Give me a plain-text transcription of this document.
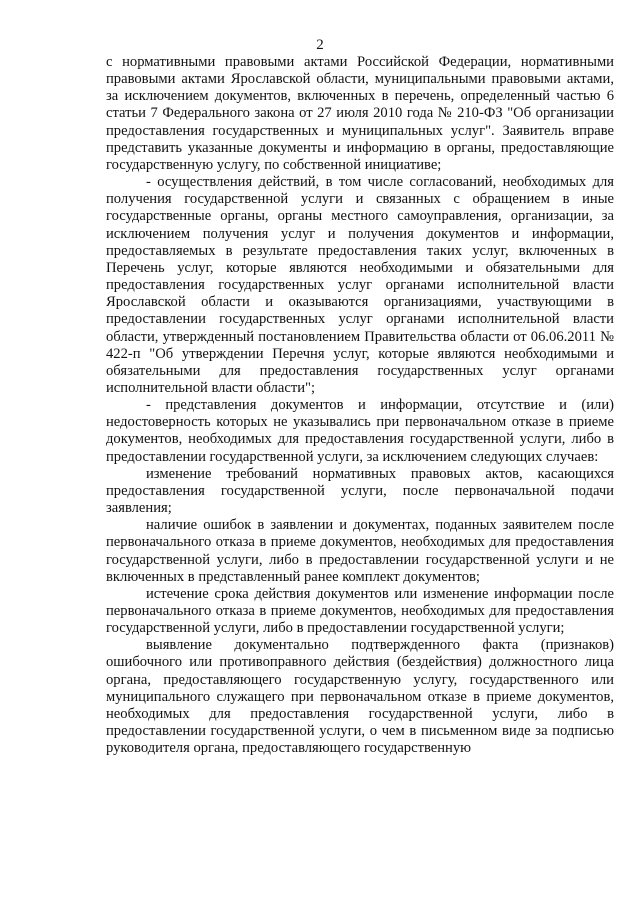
2

с нормативными правовыми актами Российской Федерации, нормативными правовыми актами Ярославской области, муниципальными правовыми актами, за исключением документов, включенных в перечень, определенный частью 6 статьи 7 Федерального закона от 27 июля 2010 года № 210-ФЗ "Об организации предоставления государственных и муниципальных услуг". Заявитель вправе представить указанные документы и информацию в органы, предоставляющие государственную услугу, по собственной инициативе;

- осуществления действий, в том числе согласований, необходимых для получения государственной услуги и связанных с обращением в иные государственные органы, органы местного самоуправления, организации, за исключением получения услуг и получения документов и информации, предоставляемых в результате предоставления таких услуг, включенных в Перечень услуг, которые являются необходимыми и обязательными для предоставления государственных услуг органами исполнительной власти Ярославской области и оказываются организациями, участвующими в предоставлении государственных услуг органами исполнительной власти области, утвержденный постановлением Правительства области от 06.06.2011 № 422-п "Об утверждении Перечня услуг, которые являются необходимыми и обязательными для предоставления государственных услуг органами исполнительной власти области";

- представления документов и информации, отсутствие и (или) недостоверность которых не указывались при первоначальном отказе в приеме документов, необходимых для предоставления государственной услуги, либо в предоставлении государственной услуги, за исключением следующих случаев:

изменение требований нормативных правовых актов, касающихся предоставления государственной услуги, после первоначальной подачи заявления;

наличие ошибок в заявлении и документах, поданных заявителем после первоначального отказа в приеме документов, необходимых для предоставления государственной услуги, либо в предоставлении государственной услуги и не включенных в представленный ранее комплект документов;

истечение срока действия документов или изменение информации после первоначального отказа в приеме документов, необходимых для предоставления государственной услуги, либо в предоставлении государственной услуги;

выявление документально подтвержденного факта (признаков) ошибочного или противоправного действия (бездействия) должностного лица органа, предоставляющего государственную услугу, государственного или муниципального служащего при первоначальном отказе в приеме документов, необходимых для предоставления государственной услуги, либо в предоставлении государственной услуги, о чем в письменном виде за подписью руководителя органа, предоставляющего государственную
